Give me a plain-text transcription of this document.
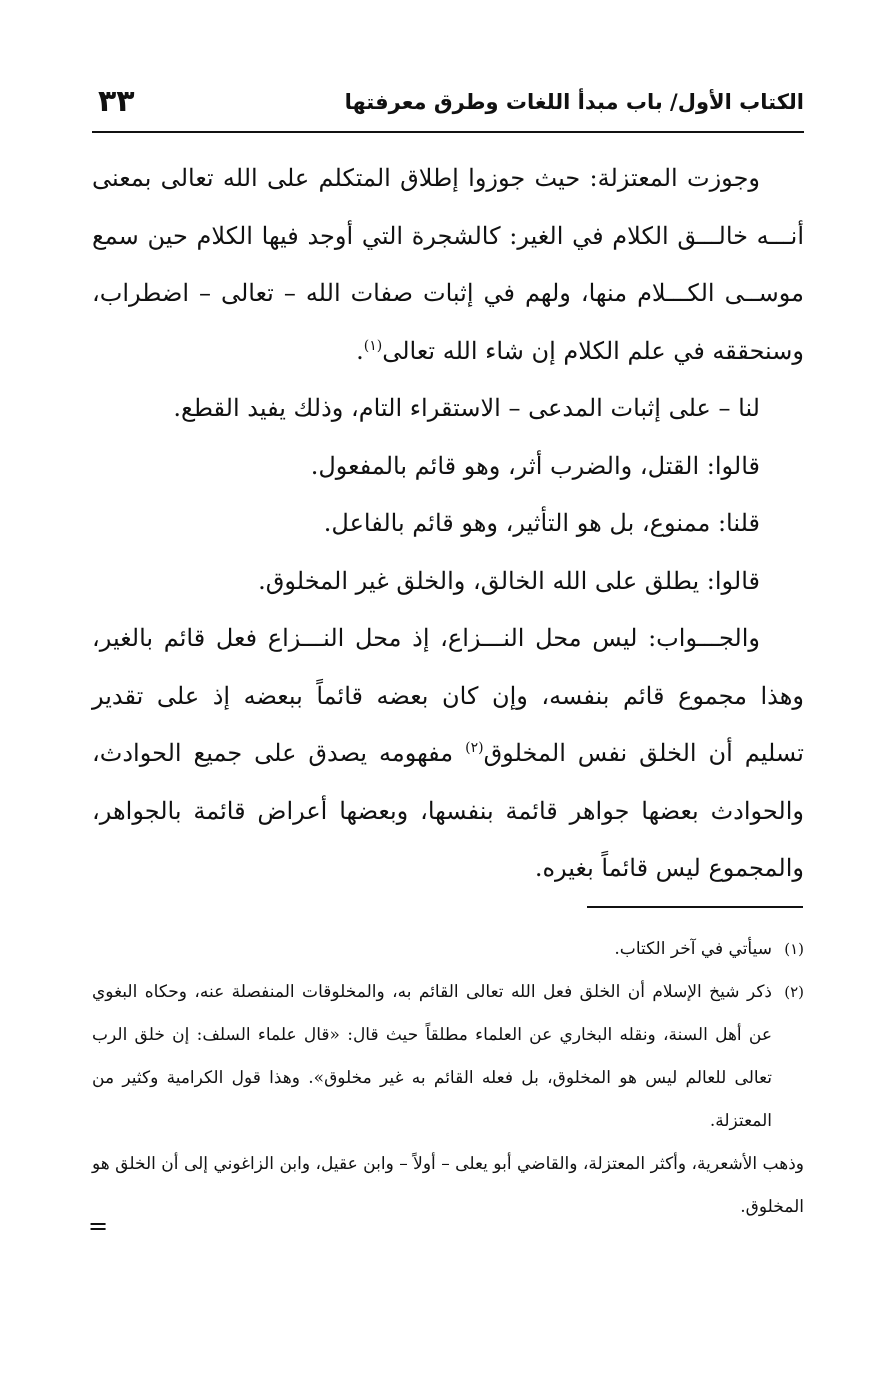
الكتاب الأول/ باب مبدأ اللغات وطرق معرفتها
٣٣

وجوزت المعتزلة: حيث جوزوا إطلاق المتكلم على الله تعالى بمعنى أنـــه خالـــق الكلام في الغير: كالشجرة التي أوجد فيها الكلام حين سمع موســى الكـــلام منها، ولهم في إثبات صفات الله – تعالى – اضطراب، وسنحققه في علم الكلام إن شاء الله تعالى$^{(١)}$.

لنا – على إثبات المدعى – الاستقراء التام، وذلك يفيد القطع.

قالوا: القتل، والضرب أثر، وهو قائم بالمفعول.

قلنا: ممنوع، بل هو التأثير، وهو قائم بالفاعل.

قالوا: يطلق على الله الخالق، والخلق غير المخلوق.

والجـــواب: ليس محل النـــزاع، إذ محل النـــزاع فعل قائم بالغير، وهذا مجموع قائم بنفسه، وإن كان بعضه قائماً ببعضه إذ على تقدير تسليم أن الخلق نفس المخلوق$^{(٢)}$ مفهومه يصدق على جميع الحوادث، والحوادث بعضها جواهر قائمة بنفسها، وبعضها أعراض قائمة بالجواهر، والمجموع ليس قائماً بغيره.

(١)
سيأتي في آخر الكتاب.

(٢)
ذكر شيخ الإسلام أن الخلق فعل الله تعالى القائم به، والمخلوقات المنفصلة عنه، وحكاه البغوي عن أهل السنة، ونقله البخاري عن العلماء مطلقاً حيث قال: «قال علماء السلف: إن خلق الرب تعالى للعالم ليس هو المخلوق، بل فعله القائم به غير مخلوق». وهذا قول الكرامية وكثير من المعتزلة.

وذهب الأشعرية، وأكثر المعتزلة، والقاضي أبو يعلى – أولاً – وابن عقيل، وابن الزاغوني إلى أن الخلق هو المخلوق.

=
